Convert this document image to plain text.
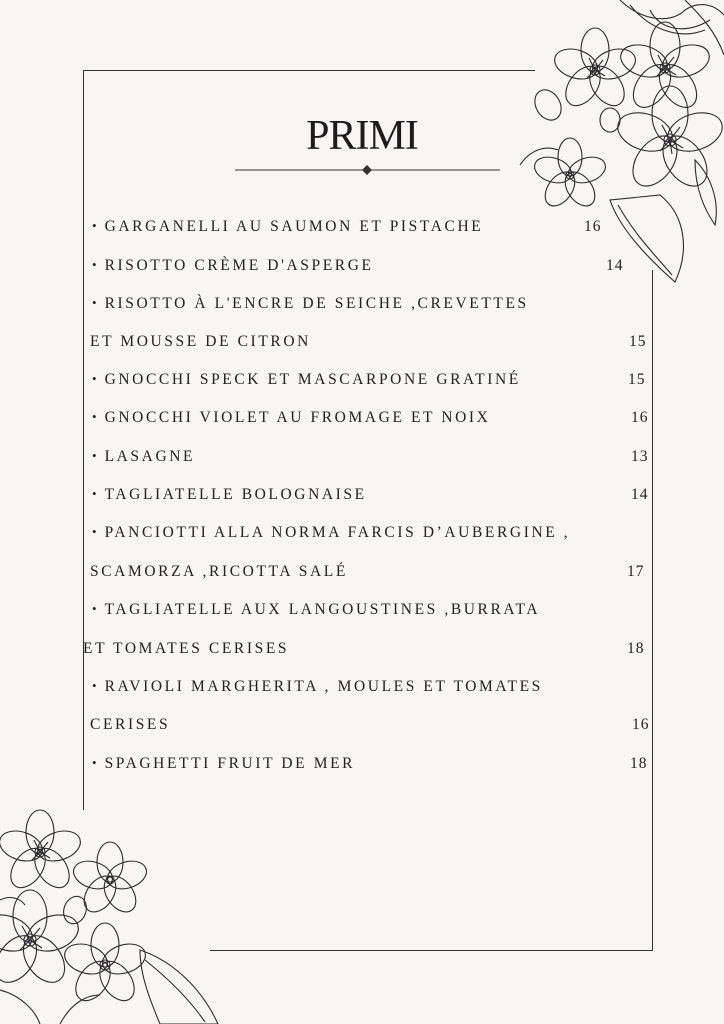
PRIMI
• GARGANELLI AU SAUMON ET PISTACHE	16
• RISOTTO CRÈME D'ASPERGE	14
• RISOTTO À L'ENCRE DE SEICHE ,CREVETTES
ET MOUSSE DE CITRON	15
• GNOCCHI SPECK ET MASCARPONE GRATINÉ	15
• GNOCCHI VIOLET AU FROMAGE ET NOIX	16
• LASAGNE	13
• TAGLIATELLE BOLOGNAISE	14
• PANCIOTTI ALLA NORMA FARCIS D’AUBERGINE ,
SCAMORZA ,RICOTTA SALÉ	17
• TAGLIATELLE AUX LANGOUSTINES ,BURRATA
ET TOMATES CERISES	18
• RAVIOLI MARGHERITA , MOULES ET TOMATES
CERISES	16
• SPAGHETTI FRUIT DE MER	18
